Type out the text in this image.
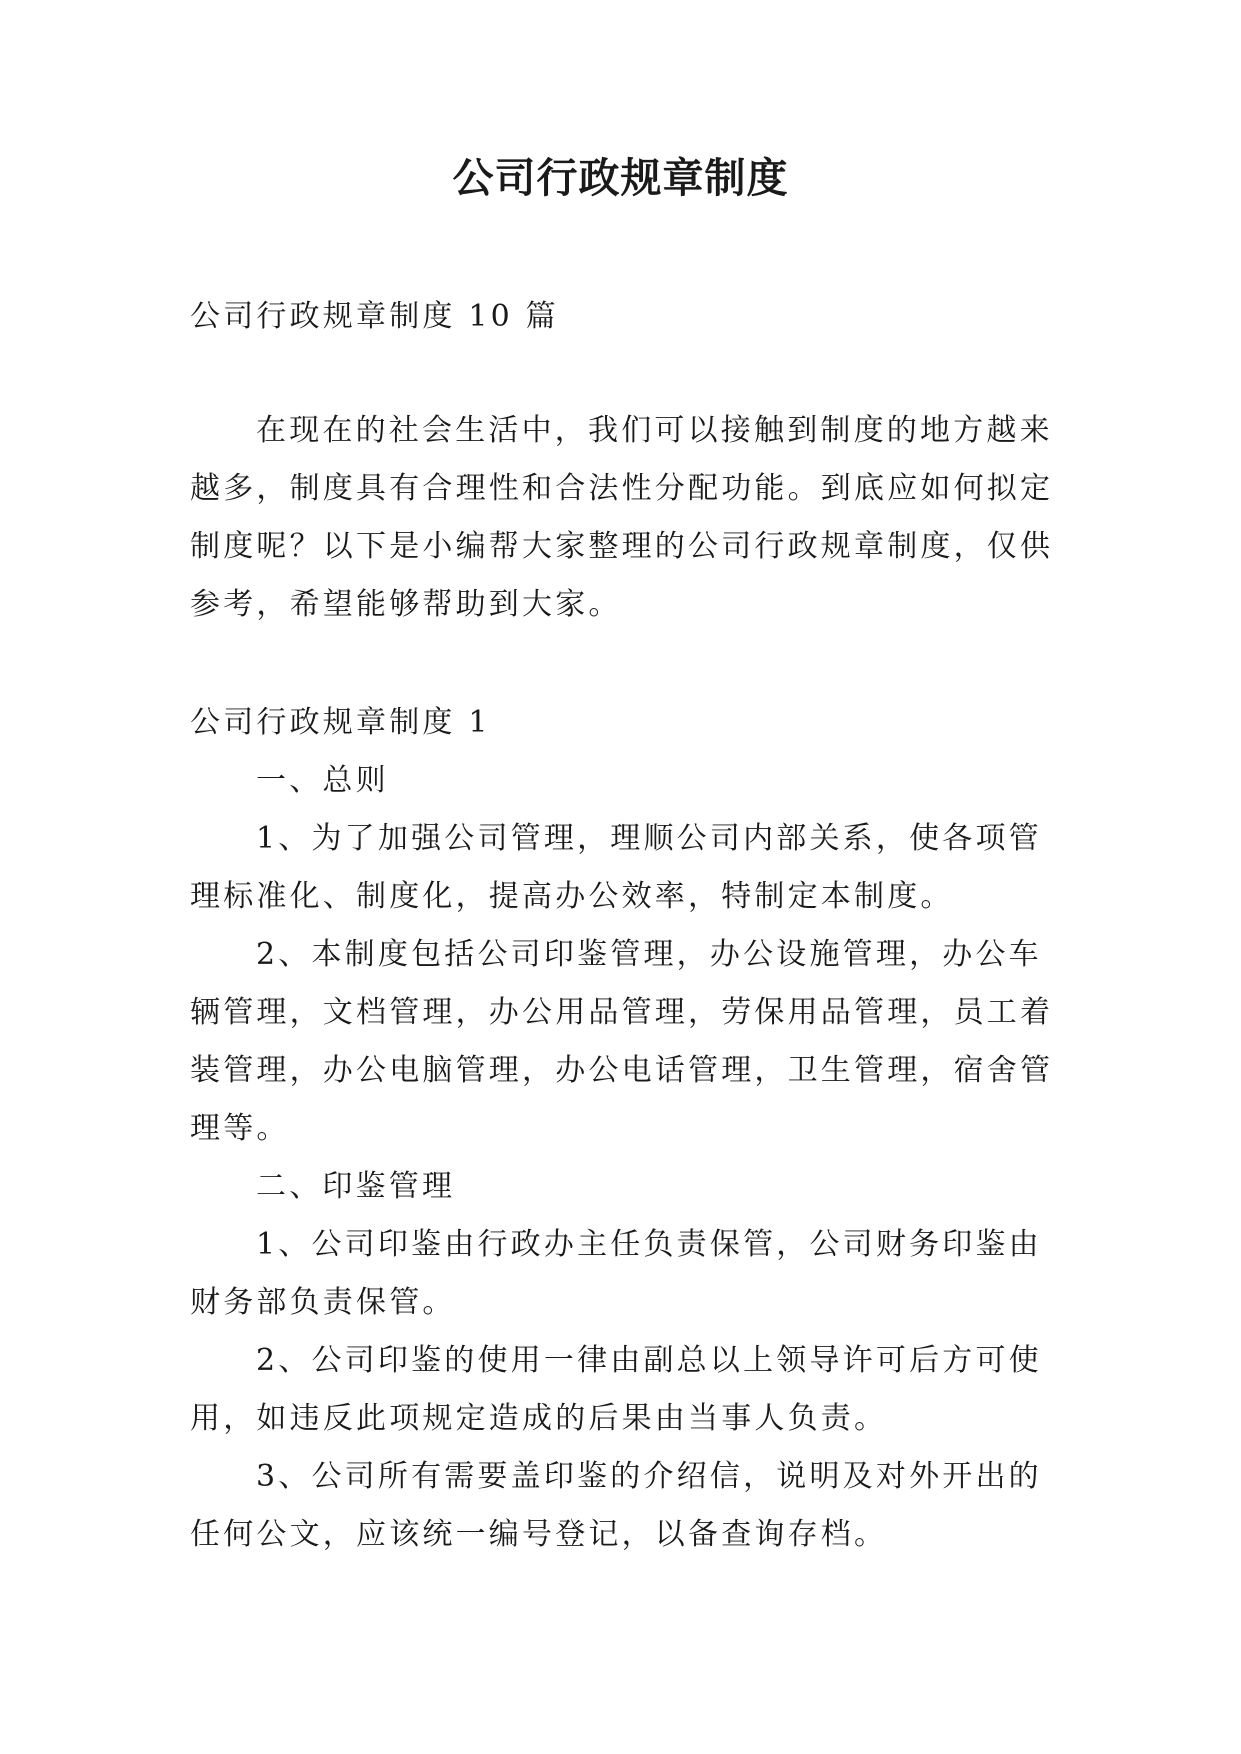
公司行政规章制度

公司行政规章制度 10 篇

在现在的社会生活中，我们可以接触到制度的地方越来
越多，制度具有合理性和合法性分配功能。到底应如何拟定
制度呢？以下是小编帮大家整理的公司行政规章制度，仅供
参考，希望能够帮助到大家。

公司行政规章制度 1
一、总则
1、为了加强公司管理，理顺公司内部关系，使各项管
理标准化、制度化，提高办公效率，特制定本制度。
2、本制度包括公司印鉴管理，办公设施管理，办公车
辆管理，文档管理，办公用品管理，劳保用品管理，员工着
装管理，办公电脑管理，办公电话管理，卫生管理，宿舍管
理等。
二、印鉴管理
1、公司印鉴由行政办主任负责保管，公司财务印鉴由
财务部负责保管。
2、公司印鉴的使用一律由副总以上领导许可后方可使
用，如违反此项规定造成的后果由当事人负责。
3、公司所有需要盖印鉴的介绍信，说明及对外开出的
任何公文，应该统一编号登记，以备查询存档。
